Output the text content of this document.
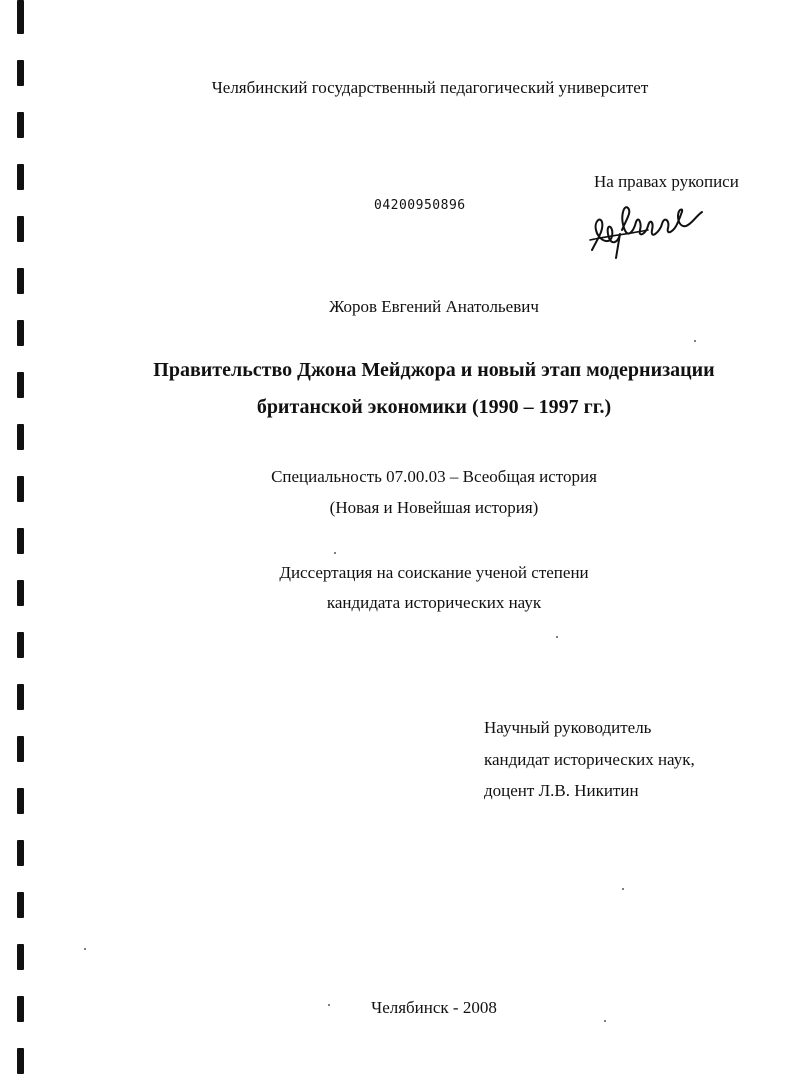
Челябинский государственный педагогический университет
На правах рукописи
04200950896
Жоров Евгений Анатольевич
Правительство Джона Мейджора и новый этап модернизации
британской экономики (1990 – 1997 гг.)
Специальность 07.00.03 – Всеобщая история
(Новая и Новейшая история)
Диссертация на соискание ученой степени
кандидата исторических наук
Научный руководитель
кандидат исторических наук,
доцент Л.В. Никитин
Челябинск - 2008
